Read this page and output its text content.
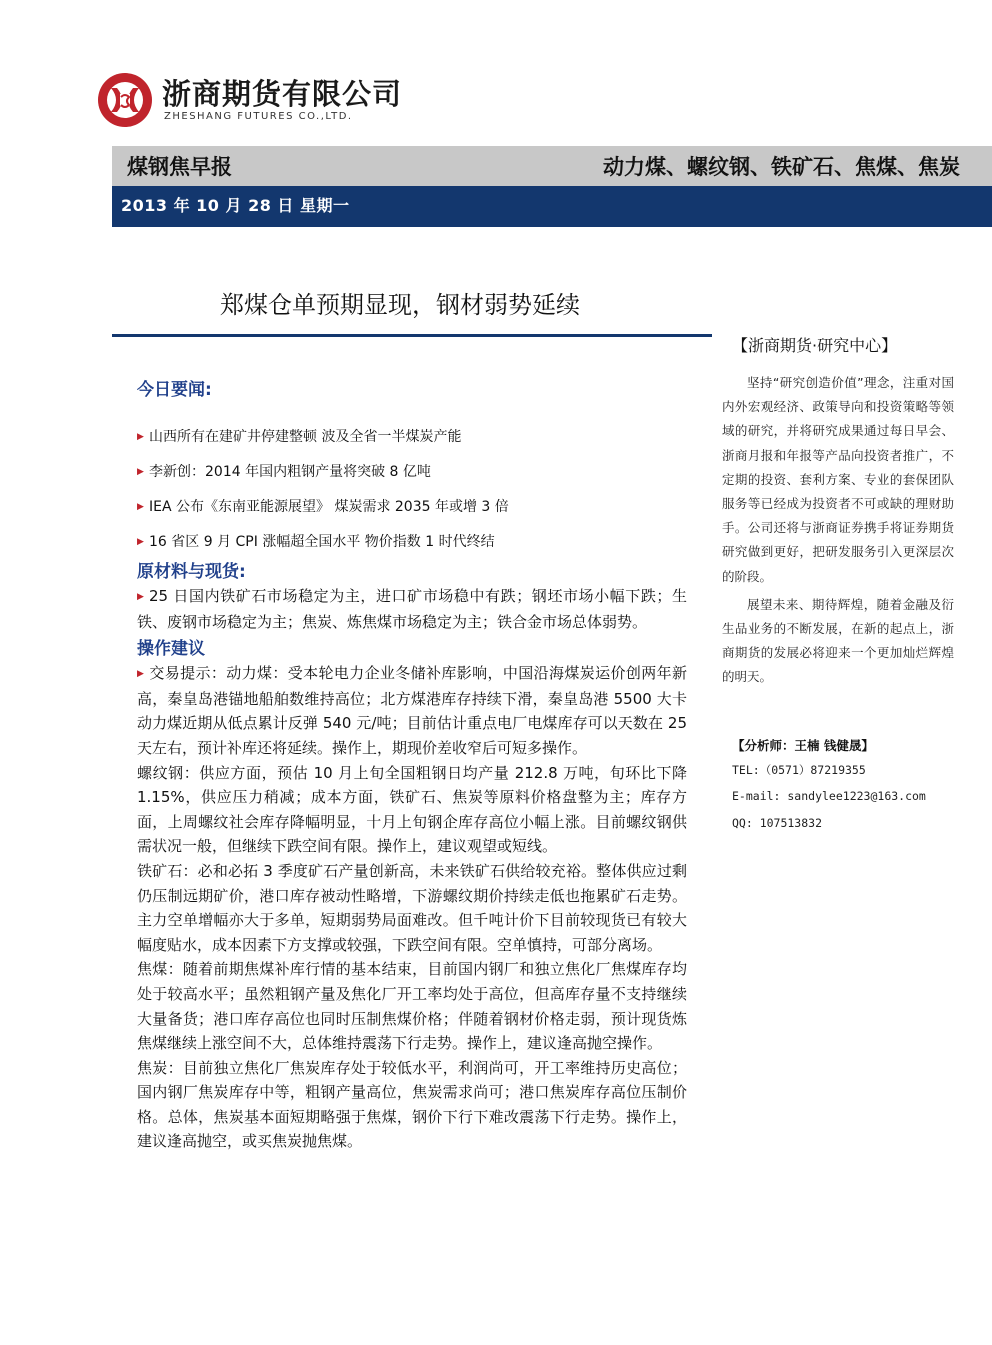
浙商期货有限公司
ZHESHANG FUTURES CO.,LTD.
煤钢焦早报	动力煤、螺纹钢、铁矿石、焦煤、焦炭
2013 年 10 月 28 日 星期一
郑煤仓单预期显现，钢材弱势延续
今日要闻:
▶ 山西所有在建矿井停建整顿 波及全省一半煤炭产能
▶ 李新创：2014 年国内粗钢产量将突破 8 亿吨
▶ IEA 公布《东南亚能源展望》 煤炭需求 2035 年或增 3 倍
▶ 16 省区 9 月 CPI 涨幅超全国水平 物价指数 1 时代终结
原材料与现货:

▶ 25 日国内铁矿石市场稳定为主，进口矿市场稳中有跌；钢坯市场小幅下跌；生铁、废钢市场稳定为主；焦炭、炼焦煤市场稳定为主；铁合金市场总体弱势。

操作建议

▶ 交易提示：动力煤：受本轮电力企业冬储补库影响，中国沿海煤炭运价创两年新高，秦皇岛港锚地船舶数维持高位；北方煤港库存持续下滑，秦皇岛港 5500 大卡动力煤近期从低点累计反弹 540 元/吨；目前估计重点电厂电煤库存可以天数在 25 天左右，预计补库还将延续。操作上，期现价差收窄后可短多操作。

螺纹钢：供应方面，预估 10 月上旬全国粗钢日均产量 212.8 万吨，旬环比下降 1.15%，供应压力稍减；成本方面，铁矿石、焦炭等原料价格盘整为主；库存方面，上周螺纹社会库存降幅明显，十月上旬钢企库存高位小幅上涨。目前螺纹钢供需状况一般，但继续下跌空间有限。操作上，建议观望或短线。

铁矿石：必和必拓 3 季度矿石产量创新高，未来铁矿石供给较充裕。整体供应过剩仍压制远期矿价，港口库存被动性略增，下游螺纹期价持续走低也拖累矿石走势。主力空单增幅亦大于多单，短期弱势局面难改。但千吨计价下目前较现货已有较大幅度贴水，成本因素下方支撑或较强，下跌空间有限。空单慎持，可部分离场。

焦煤：随着前期焦煤补库行情的基本结束，目前国内钢厂和独立焦化厂焦煤库存均处于较高水平；虽然粗钢产量及焦化厂开工率均处于高位，但高库存量不支持继续大量备货；港口库存高位也同时压制焦煤价格；伴随着钢材价格走弱，预计现货炼焦煤继续上涨空间不大，总体维持震荡下行走势。操作上，建议逢高抛空操作。

焦炭：目前独立焦化厂焦炭库存处于较低水平，利润尚可，开工率维持历史高位；国内钢厂焦炭库存中等，粗钢产量高位，焦炭需求尚可；港口焦炭库存高位压制价格。总体，焦炭基本面短期略强于焦煤，钢价下行下难改震荡下行走势。操作上，建议逢高抛空，或买焦炭抛焦煤。

【浙商期货·研究中心】

坚持“研究创造价值”理念，注重对国内外宏观经济、政策导向和投资策略等领域的研究，并将研究成果通过每日早会、浙商月报和年报等产品向投资者推广，不定期的投资、套利方案、专业的套保团队服务等已经成为投资者不可或缺的理财助手。公司还将与浙商证券携手将证券期货研究做到更好，把研发服务引入更深层次的阶段。

展望未来、期待辉煌，随着金融及衍生品业务的不断发展，在新的起点上，浙商期货的发展必将迎来一个更加灿烂辉煌的明天。

【分析师：王楠 钱健晟】
TEL:（0571）87219355
E-mail: sandylee1223@163.com
QQ: 107513832
